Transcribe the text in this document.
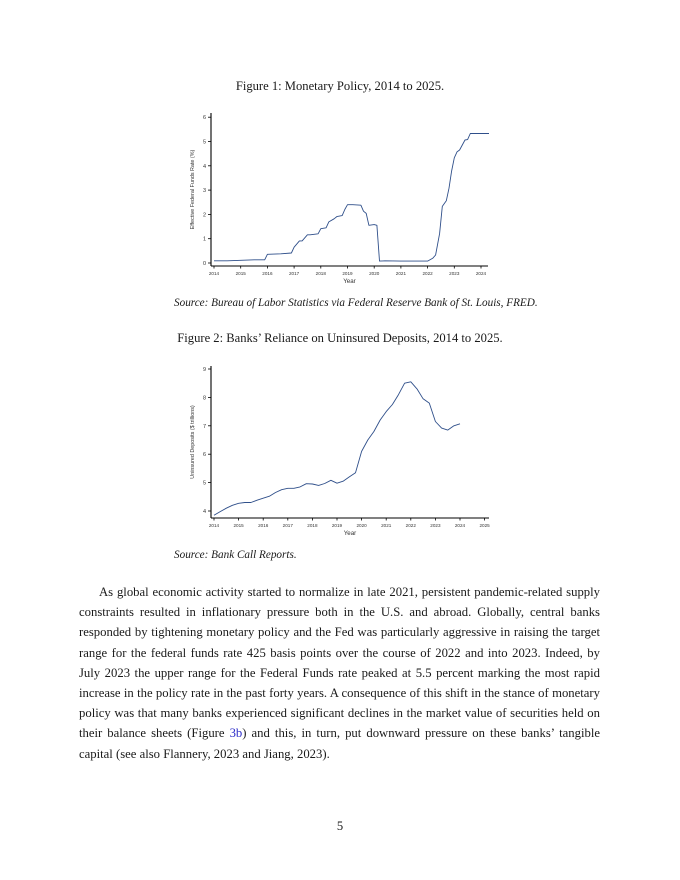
Figure 1: Monetary Policy, 2014 to 2025.
0
1
2
3
4
5
6
2014	2015	2016	2017	2018	2019	2020	2021	2022	2023	2024
Year
Effective Federal Funds Rate (%)
4
5
6
7
8
9
2014	2015	2016	2017	2018	2019	2020	2021	2022	2023	2024	2025
Year
Uninsured Deposits ($ trillions)
Source: Bureau of Labor Statistics via Federal Reserve Bank of St. Louis, FRED.
Figure 2: Banks’ Reliance on Uninsured Deposits, 2014 to 2025.
Source: Bank Call Reports.
As global economic activity started to normalize in late 2021, persistent pandemic-related supply constraints resulted in inflationary pressure both in the U.S. and abroad. Globally, central banks responded by tightening monetary policy and the Fed was particularly aggressive in raising the target range for the federal funds rate 425 basis points over the course of 2022 and into 2023. Indeed, by July 2023 the upper range for the Federal Funds rate peaked at 5.5 percent marking the most rapid increase in the policy rate in the past forty years. A consequence of this shift in the stance of monetary policy was that many banks experienced significant declines in the market value of securities held on their balance sheets (Figure 3b) and this, in turn, put downward pressure on these banks’ tangible capital (see also Flannery, 2023 and Jiang, 2023).
5
